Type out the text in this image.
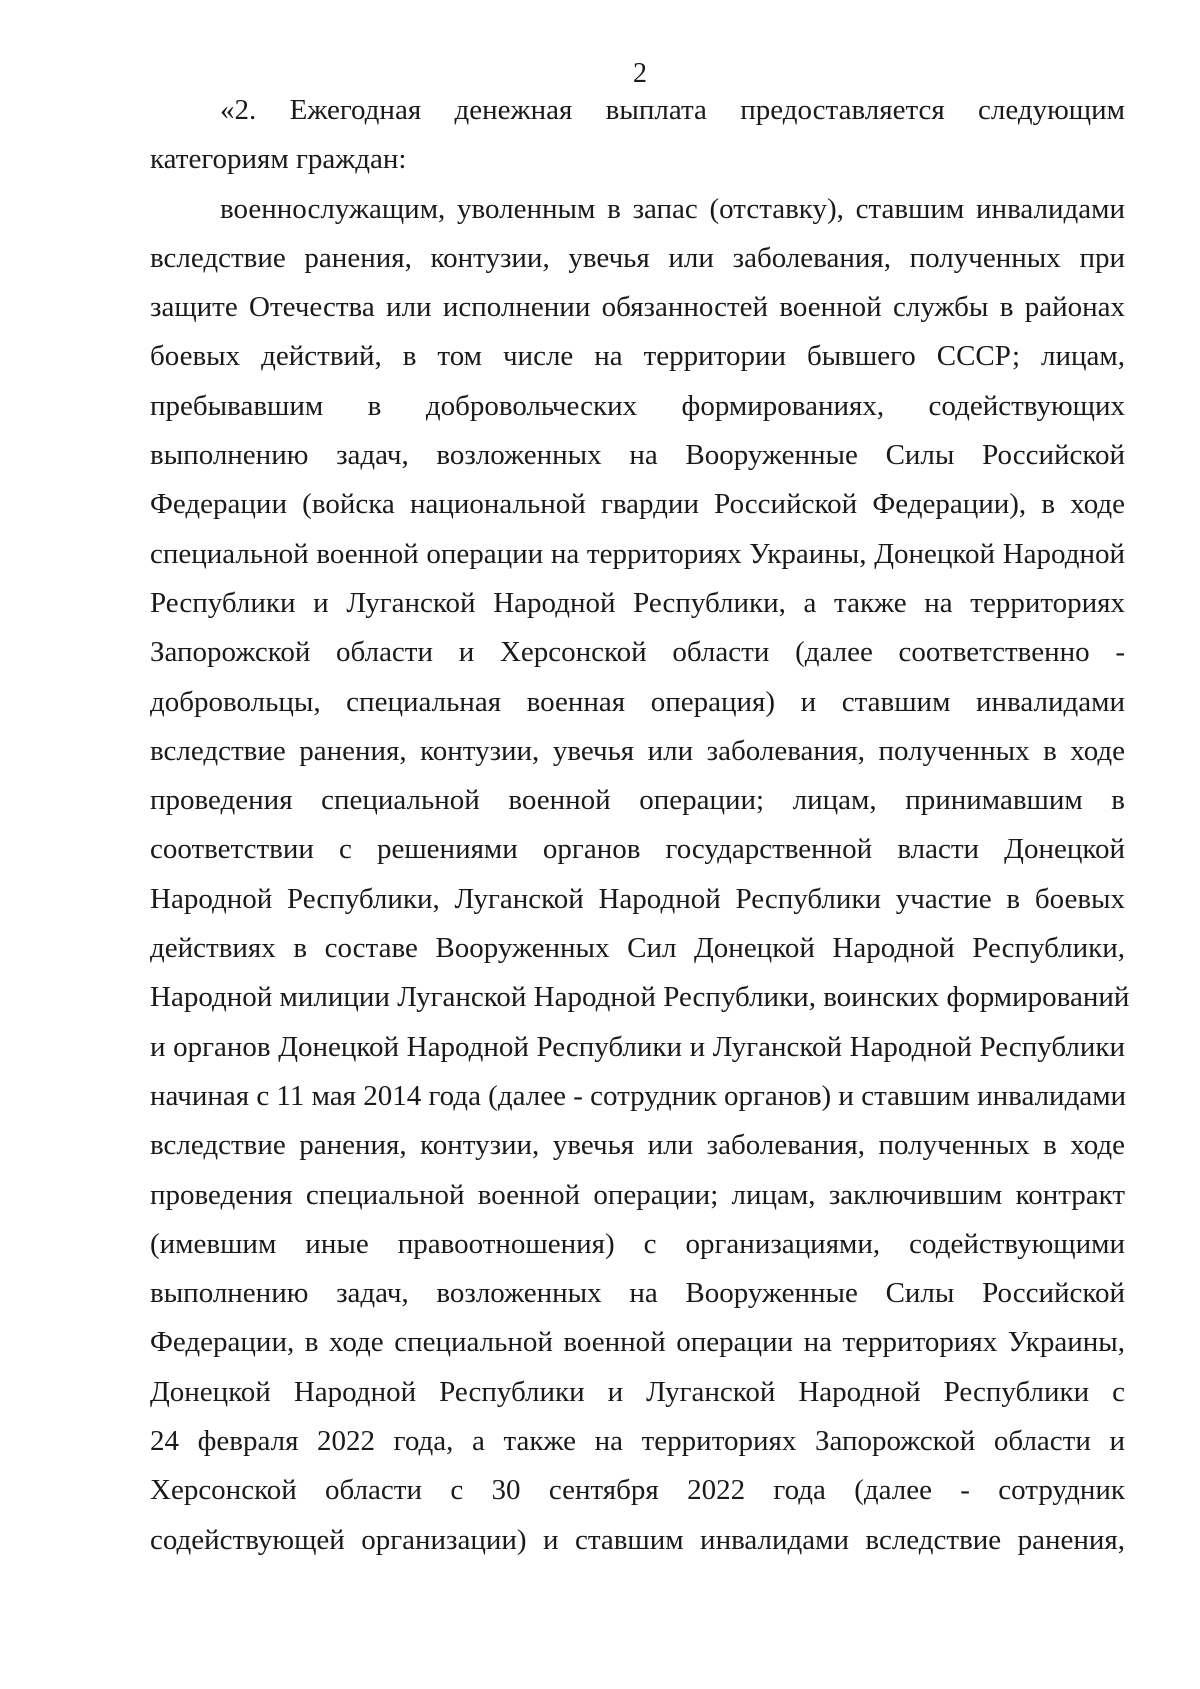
2
«2. Ежегодная денежная выплата предоставляется следующим
категориям граждан:
военнослужащим, уволенным в запас (отставку), ставшим инвалидами
вследствие ранения, контузии, увечья или заболевания, полученных при
защите Отечества или исполнении обязанностей военной службы в районах
боевых действий, в том числе на территории бывшего СССР; лицам,
пребывавшим в добровольческих формированиях, содействующих
выполнению задач, возложенных на Вооруженные Силы Российской
Федерации (войска национальной гвардии Российской Федерации), в ходе
специальной военной операции на территориях Украины, Донецкой Народной
Республики и Луганской Народной Республики, а также на территориях
Запорожской области и Херсонской области (далее соответственно -
добровольцы, специальная военная операция) и ставшим инвалидами
вследствие ранения, контузии, увечья или заболевания, полученных в ходе
проведения специальной военной операции; лицам, принимавшим в
соответствии с решениями органов государственной власти Донецкой
Народной Республики, Луганской Народной Республики участие в боевых
действиях в составе Вооруженных Сил Донецкой Народной Республики,
Народной милиции Луганской Народной Республики, воинских формирований
и органов Донецкой Народной Республики и Луганской Народной Республики
начиная с 11 мая 2014 года (далее - сотрудник органов) и ставшим инвалидами
вследствие ранения, контузии, увечья или заболевания, полученных в ходе
проведения специальной военной операции; лицам, заключившим контракт
(имевшим иные правоотношения) с организациями, содействующими
выполнению задач, возложенных на Вооруженные Силы Российской
Федерации, в ходе специальной военной операции на территориях Украины,
Донецкой Народной Республики и Луганской Народной Республики с
24 февраля 2022 года, а также на территориях Запорожской области и
Херсонской области с 30 сентября 2022 года (далее - сотрудник
содействующей организации) и ставшим инвалидами вследствие ранения,
